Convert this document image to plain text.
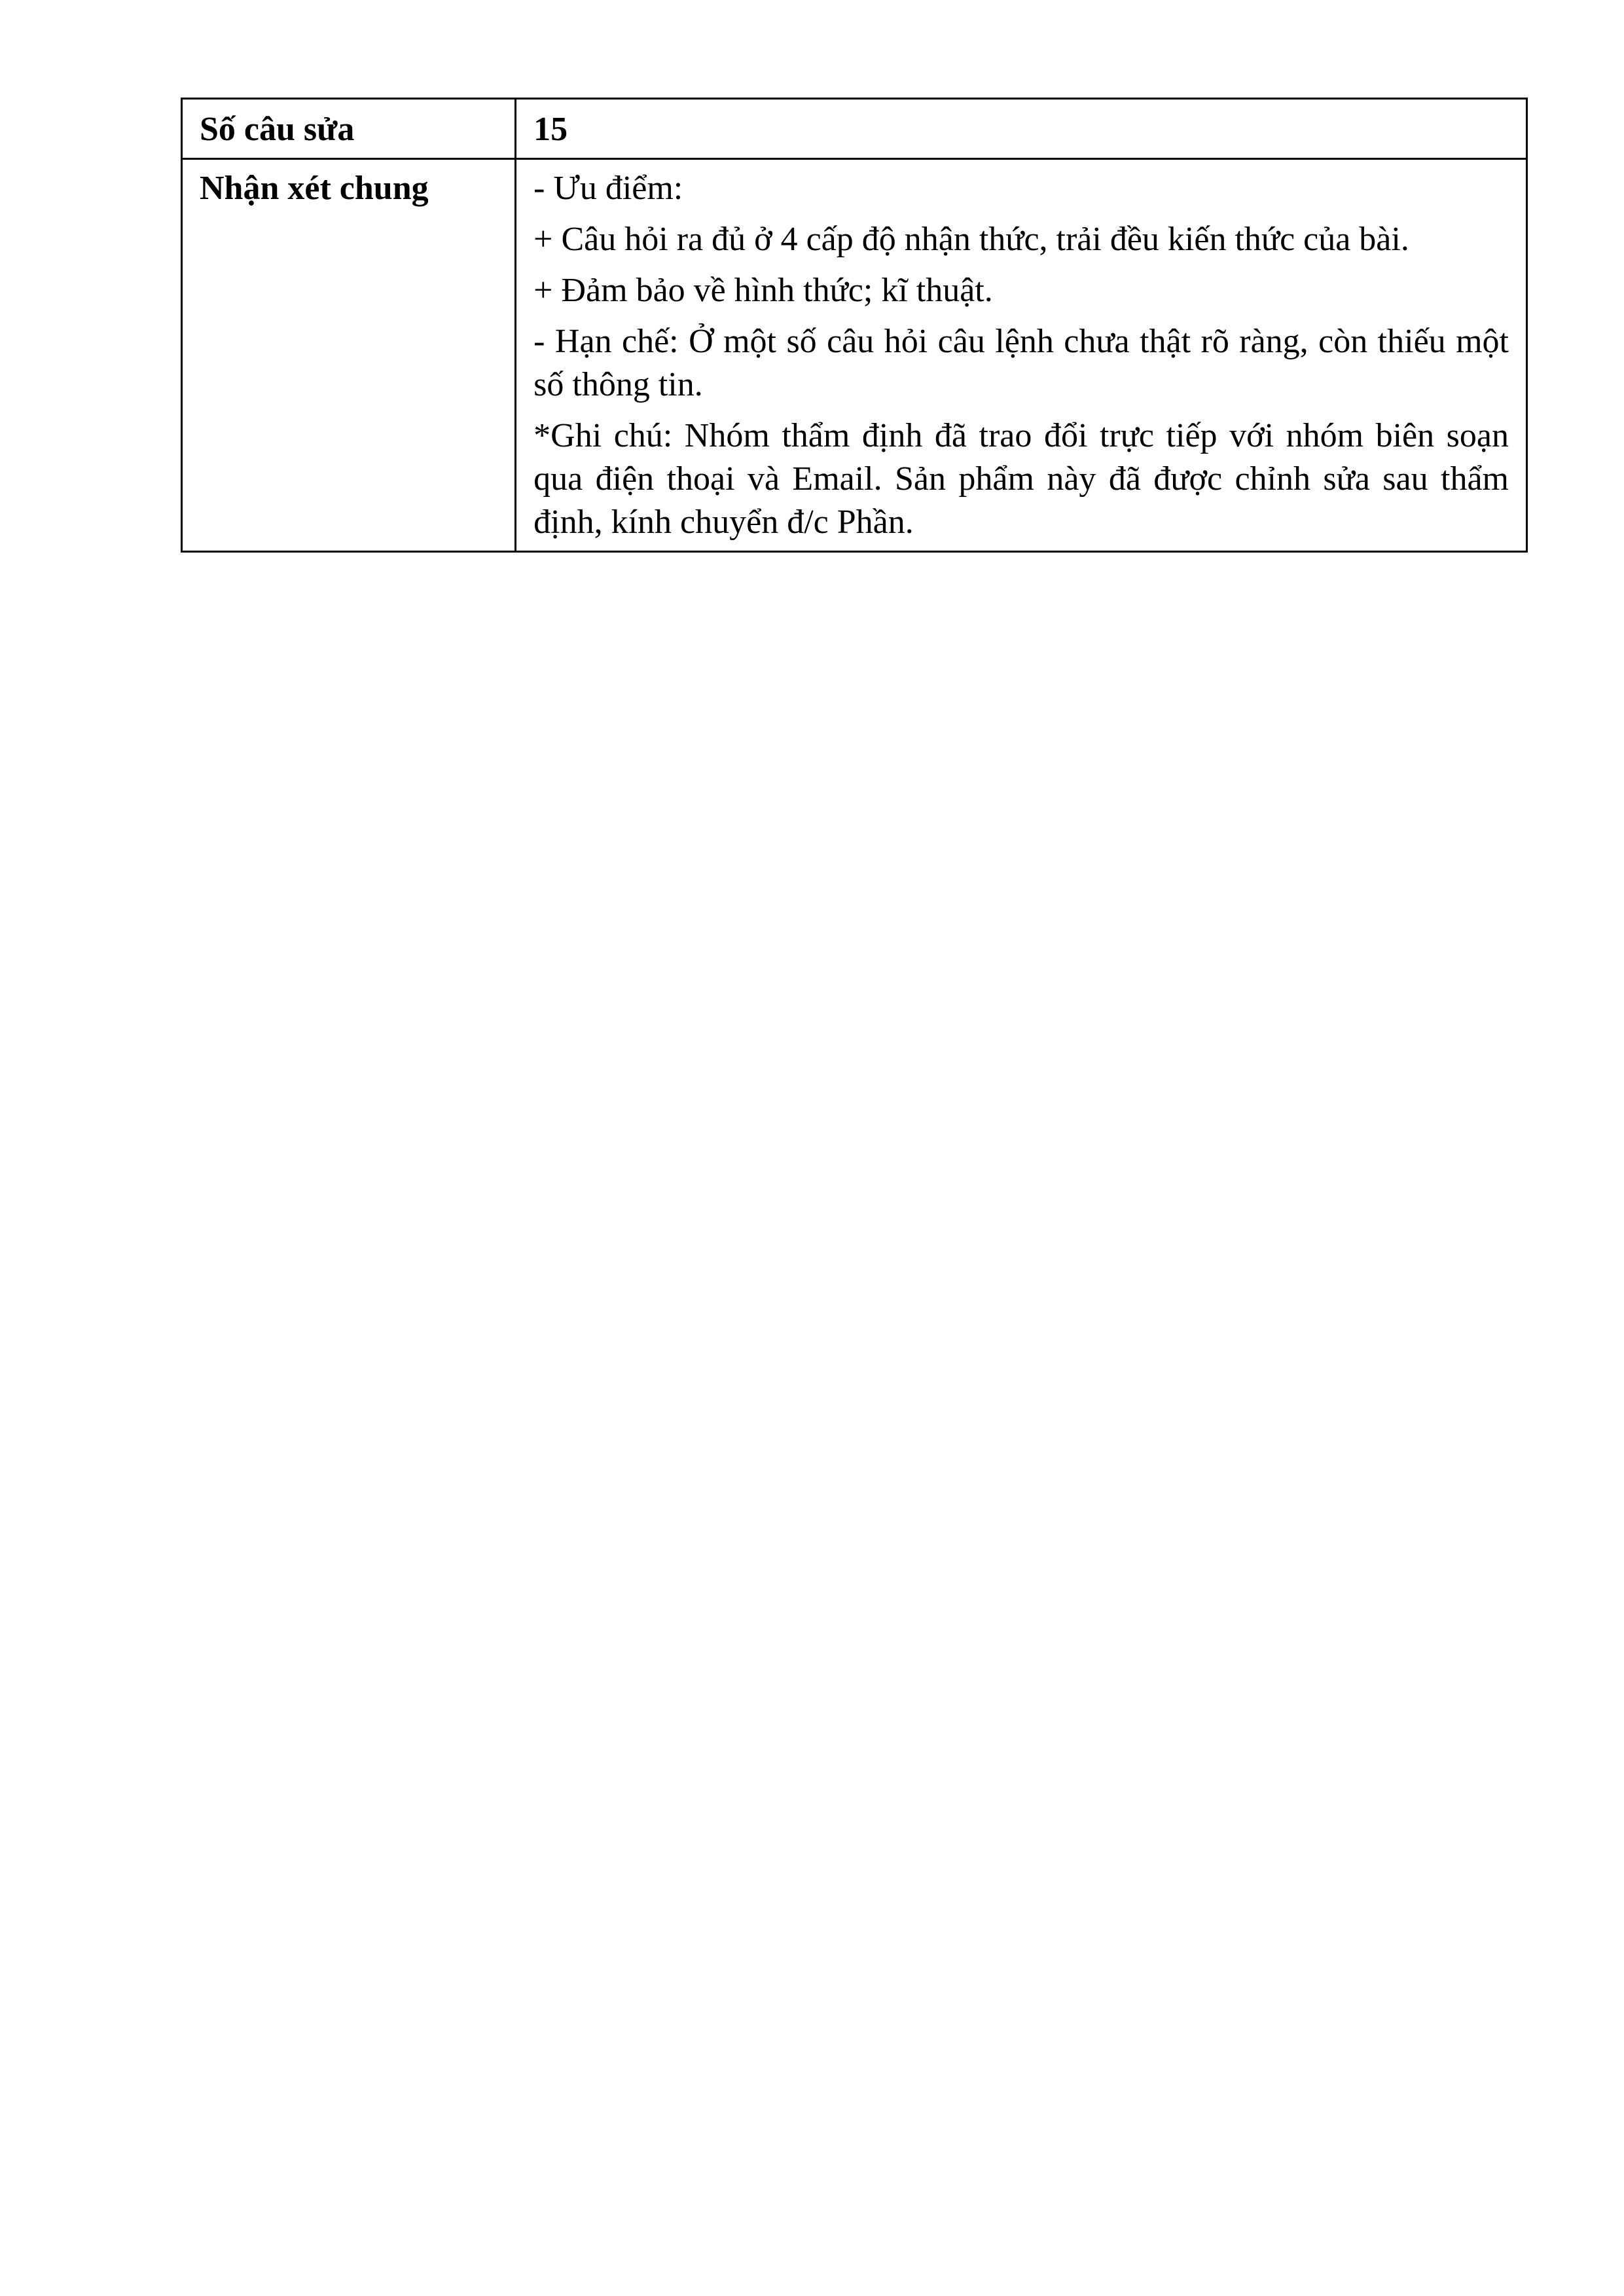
Số câu sửa	15
Nhận xét chung	- Ưu điểm:

+ Câu hỏi ra đủ ở 4 cấp độ nhận thức, trải đều kiến thức của bài.

+ Đảm bảo về hình thức; kĩ thuật.

- Hạn chế: Ở một số câu hỏi câu lệnh chưa thật rõ ràng, còn thiếu một số thông tin.

*Ghi chú: Nhóm thẩm định đã trao đổi trực tiếp với nhóm biên soạn qua điện thoại và Email. Sản phẩm này đã được chỉnh sửa sau thẩm định, kính chuyển đ/c Phần.
